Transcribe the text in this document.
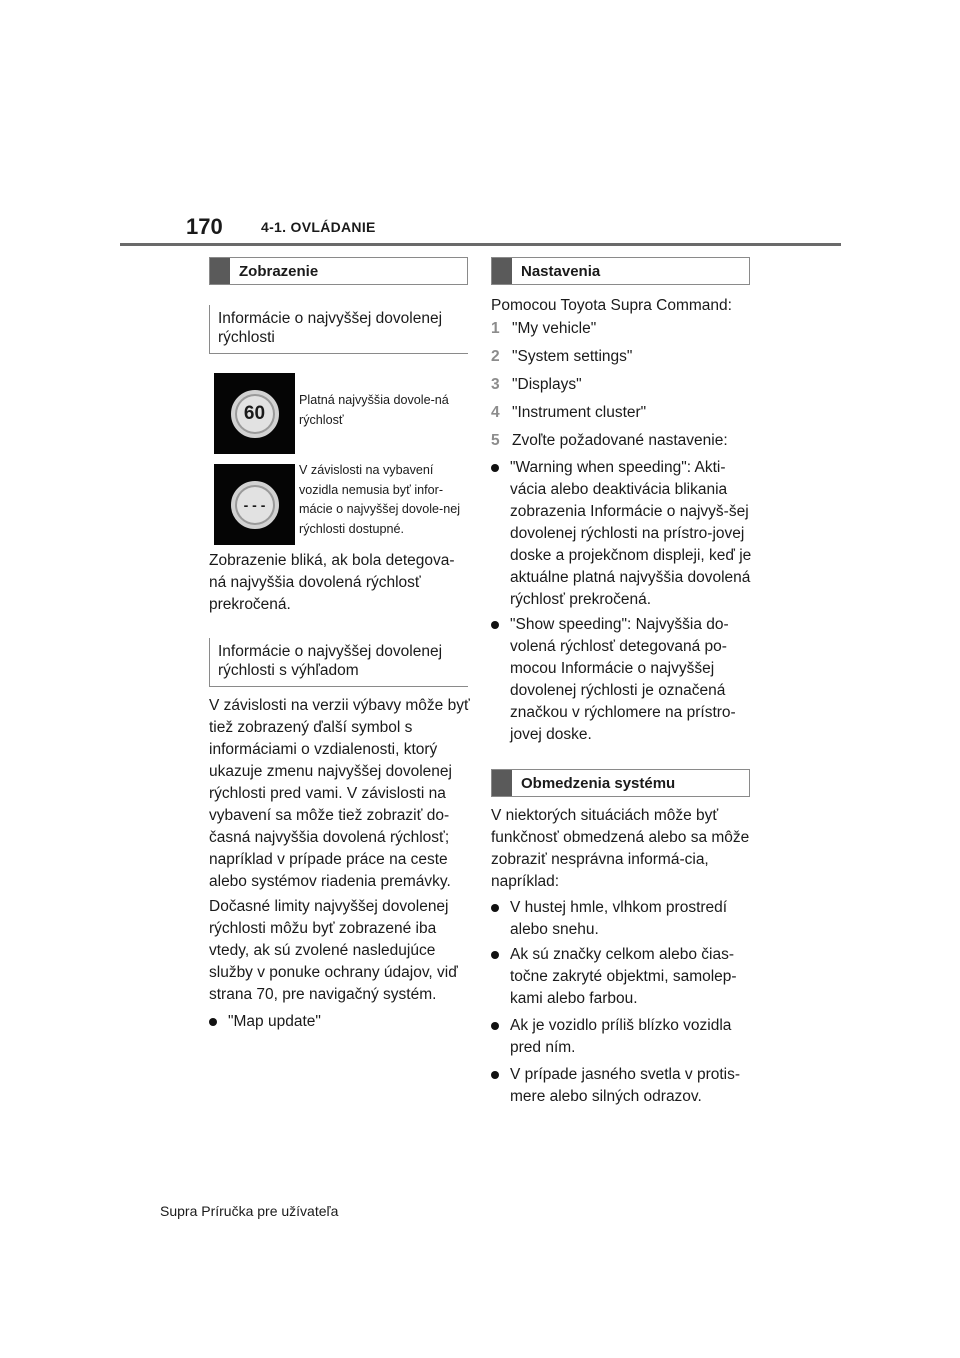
170	4-1. OVLÁDANIE
Zobrazenie
Informácie o najvyššej dovolenej rýchlosti
60
Platná najvyššia dovole-ná rýchlosť
- - -
V závislosti na vybavení vozidla nemusia byť infor-mácie o najvyššej dovole-nej rýchlosti dostupné.
Zobrazenie bliká, ak bola detegova-ná najvyššia dovolená rýchlosť prekročená.
Informácie o najvyššej dovolenej rýchlosti s výhľadom
V závislosti na verzii výbavy môže byť tiež zobrazený ďalší symbol s informáciami o vzdialenosti, ktorý ukazuje zmenu najvyššej dovolenej rýchlosti pred vami. V závislosti na vybavení sa môže tiež zobraziť do-časná najvyššia dovolená rýchlosť; napríklad v prípade práce na ceste alebo systémov riadenia premávky.
Dočasné limity najvyššej dovolenej rýchlosti môžu byť zobrazené iba vtedy, ak sú zvolené nasledujúce služby v ponuke ochrany údajov, viď strana 70, pre navigačný systém.
"Map update"
Nastavenia
Pomocou Toyota Supra Command:
1 "My vehicle"
2 "System settings"
3 "Displays"
4 "Instrument cluster"
5 Zvoľte požadované nastavenie:
"Warning when speeding": Akti-vácia alebo deaktivácia blikania zobrazenia Informácie o najvyš-šej dovolenej rýchlosti na prístro-jovej doske a projekčnom displeji, keď je aktuálne platná najvyššia dovolená rýchlosť prekročená.
"Show speeding": Najvyššia do-volená rýchlosť detegovaná po-mocou Informácie o najvyššej dovolenej rýchlosti je označená značkou v rýchlomere na prístro-jovej doske.
Obmedzenia systému
V niektorých situáciách môže byť funkčnosť obmedzená alebo sa môže zobraziť nesprávna informá-cia, napríklad:
V hustej hmle, vlhkom prostredí alebo snehu.
Ak sú značky celkom alebo čias-točne zakryté objektmi, samolep-kami alebo farbou.
Ak je vozidlo príliš blízko vozidla pred ním.
V prípade jasného svetla v protis-mere alebo silných odrazov.
Supra Príručka pre užívateľa
